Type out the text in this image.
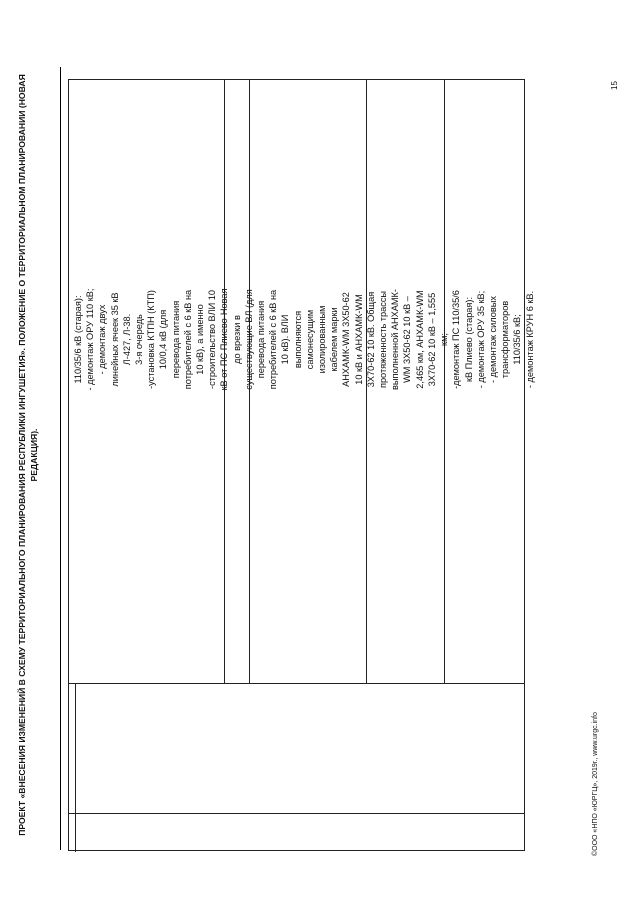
ПРОЕКТ «ВНЕСЕНИЯ ИЗМЕНЕНИЙ В СХЕМУ ТЕРРИТОРИАЛЬНОГО ПЛАНИРОВАНИЯ РЕСПУБЛИКИ ИНГУШЕТИЯ». ПОЛОЖЕНИЕ О ТЕРРИТОРИАЛЬНОМ ПЛАНИРОВАНИИ (НОВАЯ РЕДАКЦИЯ).
110/35/6 кВ (старая): - демонтаж ОРУ 110 кВ; - демонтаж двух линейных ячеек 35 кВ Л-427, Л-38. 3-я очередь -установка КТПН (КТП) 10/0,4 кВ (для перевода питания потребителей с 6 кВ на 10 кВ), а именно -строительство ВЛИ 10 кВ от ПС Плиево-Новая до врезки в существующие ВЛ (для перевода питания потребителей с 6 кВ на 10 кВ). ВЛИ выполняются самонесущим изолированным кабелем марки АНХАМК-WM 3Х50-62 10 кВ и АНХАМК-WM 3Х70-62 10 кВ. Общая протяженность трассы выполненной АНХАМК- WM 3Х50-62 10 кВ – 2,465 км, АНХАМК-WM 3Х70-62 10 кВ – 1,555 км; -демонтаж ПС 110/35/6 кВ Плиево (старая): - демонтаж ОРУ 35 кВ; - демонтаж силовых трансформаторов 110/35/6 кВ; - демонтаж КРУН 6 кВ.
©ООО «НПО «ЮРГЦ», 2019г., www.urgc.info
15
